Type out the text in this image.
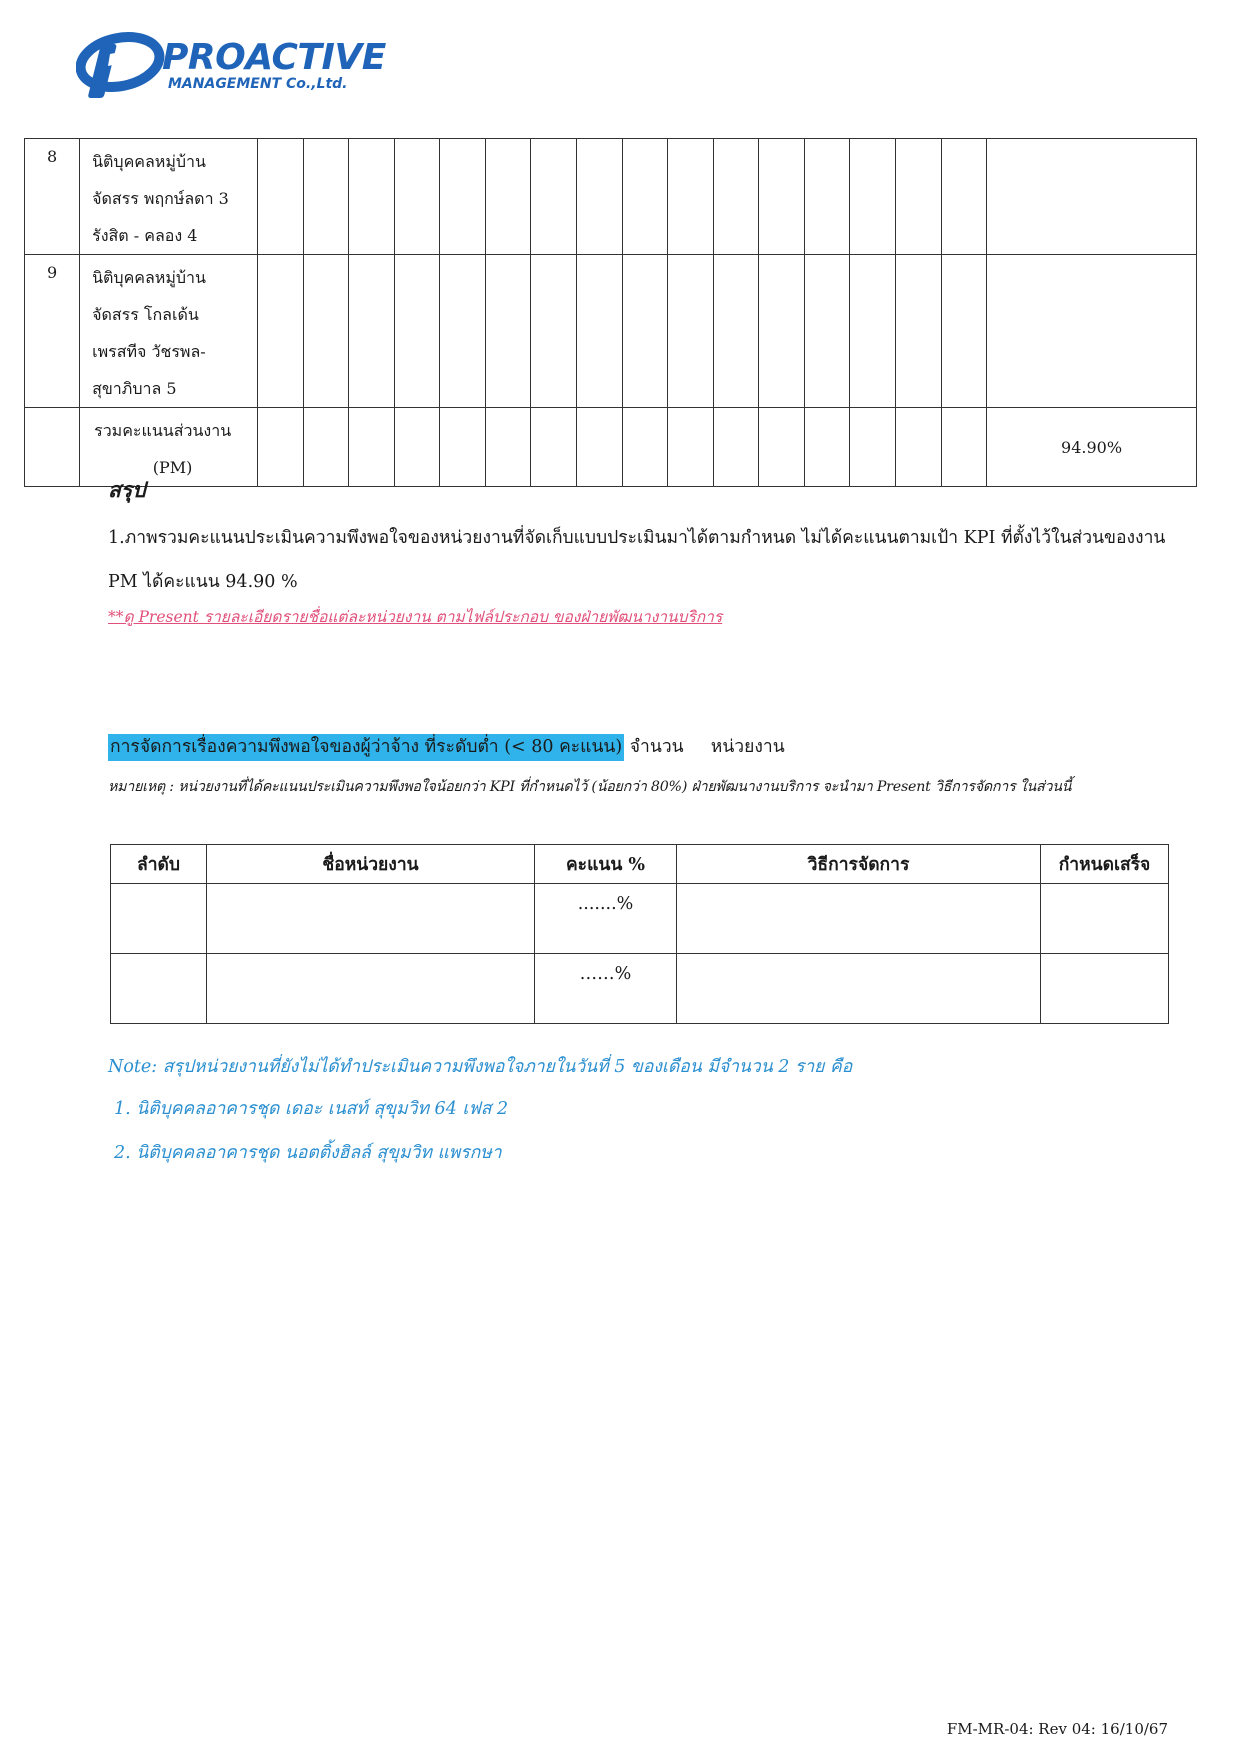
PROACTIVE
MANAGEMENT Co.,Ltd.
8	นิติบุคคลหมู่บ้าน
จัดสรร พฤกษ์ลดา 3
รังสิต - คลอง 4																	

9	นิติบุคคลหมู่บ้าน
จัดสรร โกลเด้น
เพรสทีจ วัชรพล-
สุขาภิบาล 5																	

	รวมคะแนนส่วนงาน
(PM)																	94.90%

สรุป

1.ภาพรวมคะแนนประเมินความพึงพอใจของหน่วยงานที่จัดเก็บแบบประเมินมาได้ตามกำหนด ไม่ได้คะแนนตามเป้า KPI ที่ตั้งไว้ในส่วนของงาน PM ได้คะแนน 94.90 %

**ดู Present รายละเอียดรายชื่อแต่ละหน่วยงาน ตามไฟล์ประกอบ ของฝ่ายพัฒนางานบริการ

การจัดการเรื่องความพึงพอใจของผู้ว่าจ้าง ที่ระดับต่ำ (< 80 คะแนน) จำนวน หน่วยงาน

หมายเหตุ : หน่วยงานที่ได้คะแนนประเมินความพึงพอใจน้อยกว่า KPI ที่กำหนดไว้ (น้อยกว่า 80%) ฝ่ายพัฒนางานบริการ จะนำมา Present วิธีการจัดการ ในส่วนนี้

ลำดับ	ชื่อหน่วยงาน	คะแนน %	วิธีการจัดการ	กำหนดเสร็จ
		.......%		
		……%		
Note: สรุปหน่วยงานที่ยังไม่ได้ทำประเมินความพึงพอใจภายในวันที่ 5 ของเดือน มีจำนวน 2 ราย คือ
1. นิติบุคคลอาคารชุด เดอะ เนสท์ สุขุมวิท 64 เฟส 2
2. นิติบุคคลอาคารชุด นอตติ้งฮิลล์ สุขุมวิท แพรกษา

FM-MR-04: Rev 04: 16/10/67
